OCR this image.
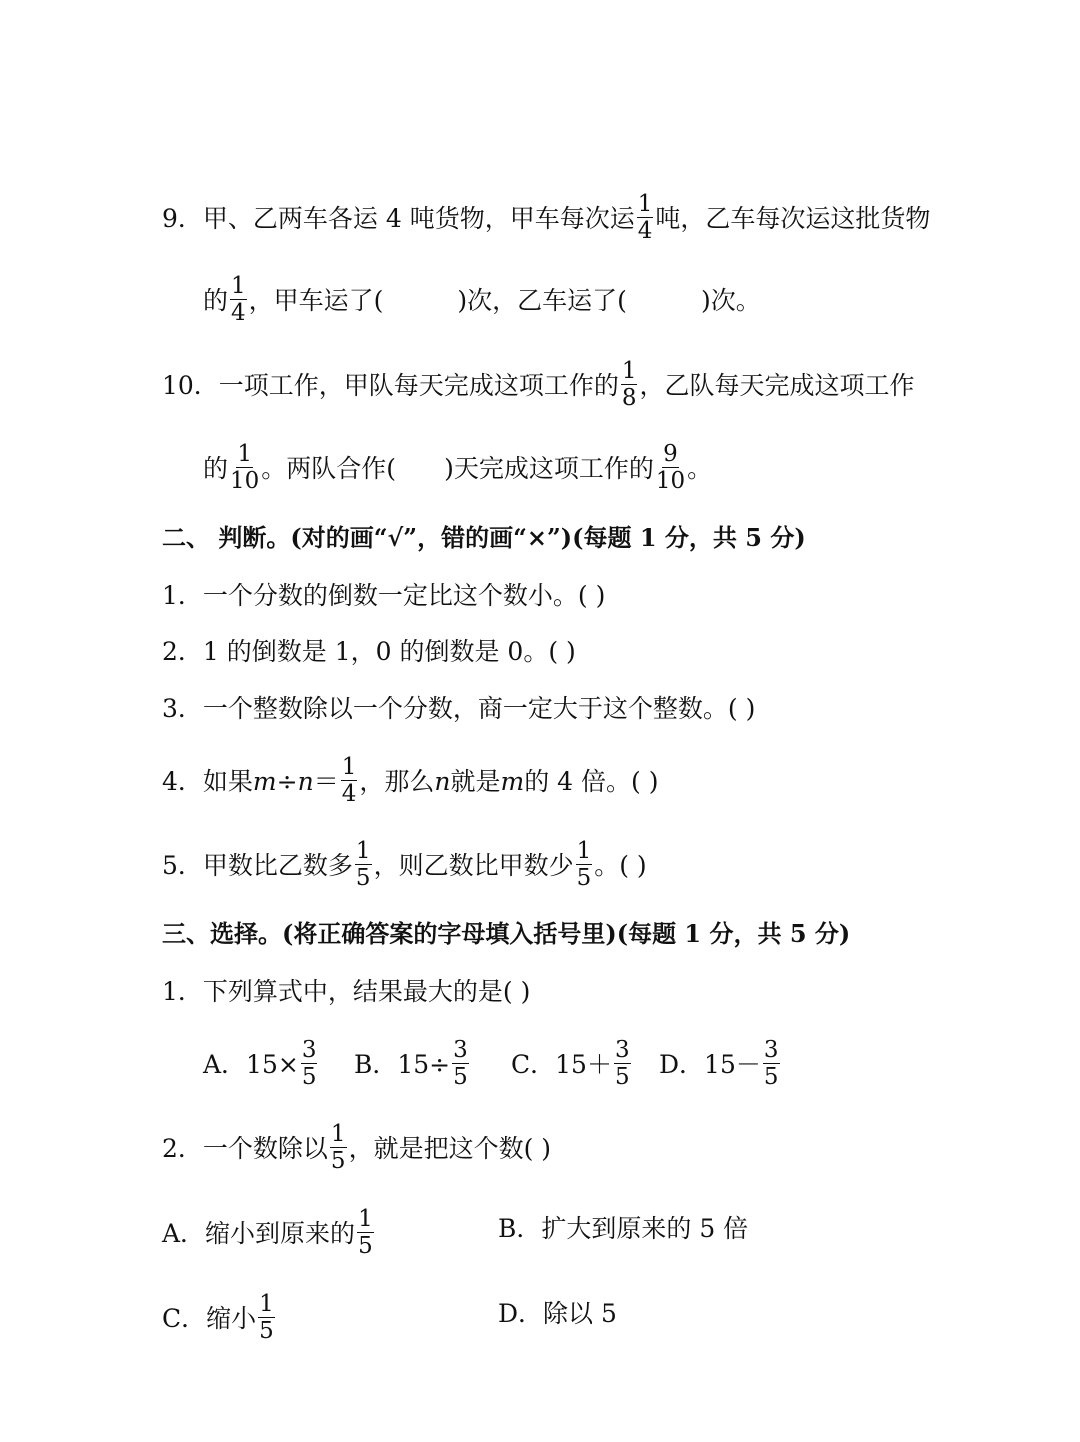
9．甲、乙两车各运 4 吨货物，甲车每次运 1
4 吨，乙车每次运这批货物
的 1
4 ，甲车运了(	)次，乙车运了(	)次。
10．一项工作，甲队每天完成这项工作的 1
8 ，乙队每天完成这项工作
的 1
10 。两队合作( )天完成这项工作的 9
10 。
二、 判断。(对的画“√”，错的画“×”)(每题 1 分，共 5 分)
1．一个分数的倒数一定比这个数小。( )
2．1 的倒数是 1，0 的倒数是 0。( )
3．一个整数除以一个分数，商一定大于这个整数。( )
4．如果 m ÷ n ＝ 1
4 ，那么 n 就是 m 的 4 倍。( )
5．甲数比乙数多 1
5 ，则乙数比甲数少 1
5 。( )
三、选择。(将正确答案的字母填入括号里)(每题 1 分，共 5 分)
1．下列算式中，结果最大的是( )
A．$15\times \frac{3}{5}$ B．$15\div \frac{3}{5}$ C．15＋ 3
5 D．15－ 3
5
2．一个数除以 1
5 ，就是把这个数( )
A．缩小到原来的 1
5
B．扩大到原来的 5 倍
C．缩小 1
5
D．除以 5
